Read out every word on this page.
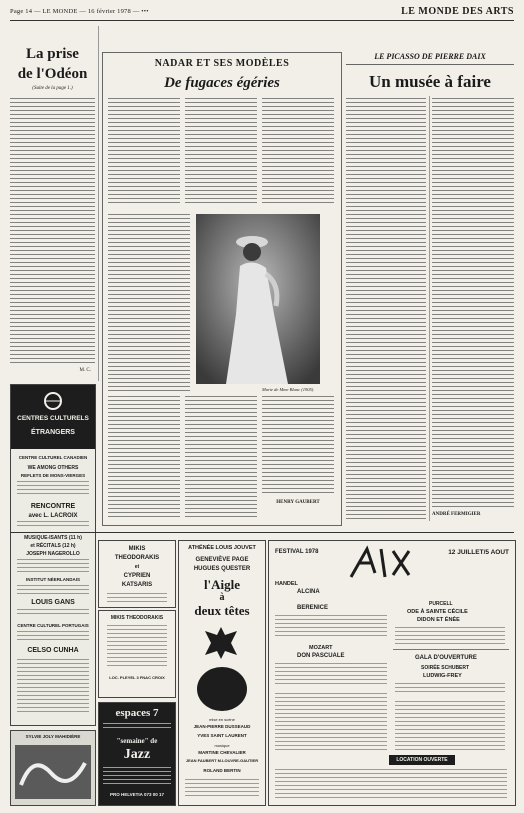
Page 14 — LE MONDE — 16 février 1978 — •••	LE MONDE DES ARTS
La prise
de l'Odéon
(Suite de la page 1.)
M. C.
NADAR ET SES MODÈLES
De fugaces égéries
Marie de Mme Blanc (1905).
HENRY GAUBERT
LE PICASSO DE PIERRE DAIX
Un musée à faire
ANDRÉ FERMIGIER
CENTRES CULTURELS
ÉTRANGERS
CENTRE CULTUREL CANADIEN
WE AMONG OTHERS
REFLETS DE MONS-VIERGES
RENCONTRE
avec L. LACROIX
MUSIQUE-ISANTS (11 h)
et RÉCITALS (12 h)
JOSEPH NAGEROLLO
INSTITUT NÉERLANDAIS
LOUIS GANS
CENTRE CULTUREL PORTUGAIS
CELSO CUNHA
SYLVIE JOLY MAHIDIÈRE
MIKIS
THEODORAKIS
et
CYPRIEN
KATSARIS
MIKIS THEODORAKIS
LOC. PLEYEL 3 FNAC CROIX
espaces 7
"semaine" de
Jazz
PRO HELVETIA 073 00 17
ATHÉNÉE LOUIS JOUVET
GENEVIÈVE PAGE
HUGUES QUESTER
l'Aigle
à
deux têtes
mise en scène
JEAN-PIERRE DUSSEAUD
YVES SAINT LAURENT
musique
MARTINE CHEVALIER
JEAN FAUBERT M.LOUVRE-GAUTIER
ROLAND BERTIN
FESTIVAL 1978	12 JUILLET/5 AOUT
HANDEL
ALCINA
BERENICE
MOZART
DON PASCUALE
PURCELL
ODE À SAINTE CÉCILE
DIDON ET ÉNÉE
GALA D'OUVERTURE
SOIRÉE SCHUBERT
LUDWIG-FREY
LOCATION OUVERTE
